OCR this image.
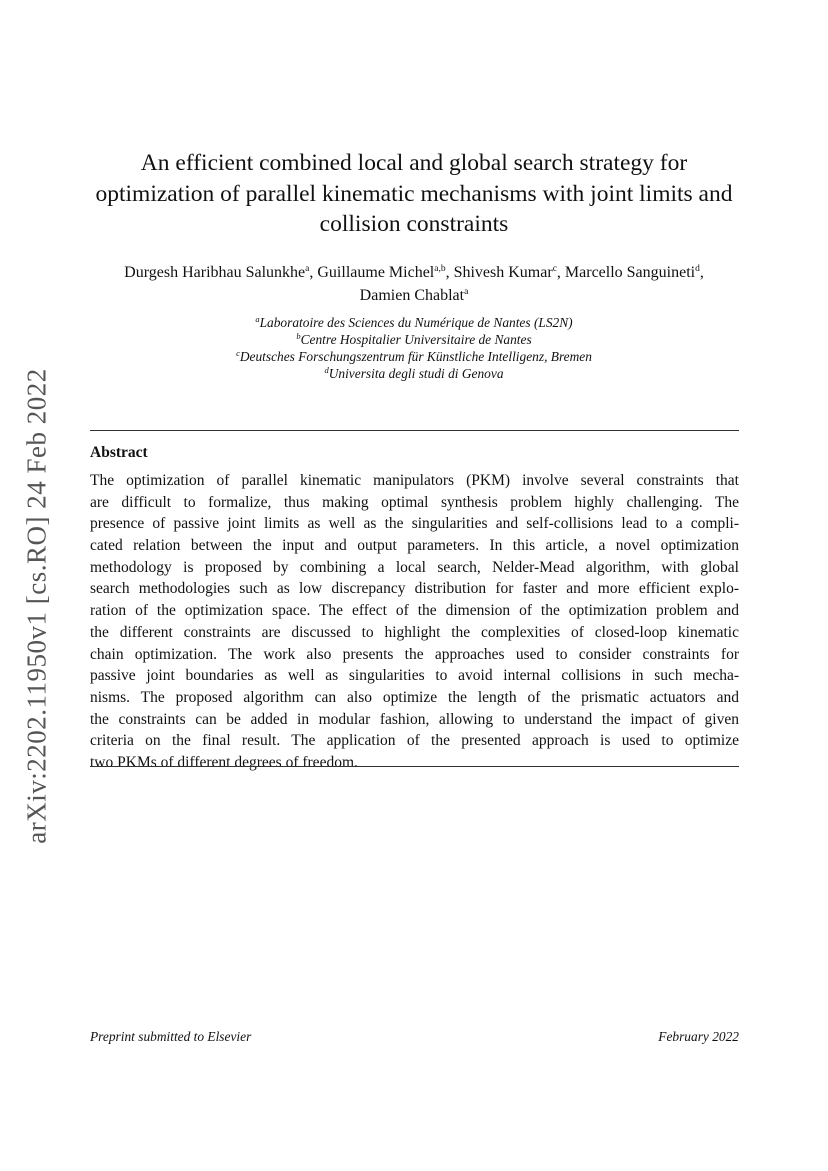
arXiv:2202.11950v1 [cs.RO] 24 Feb 2022
An efficient combined local and global search strategy for
optimization of parallel kinematic mechanisms with joint limits and
collision constraints
Durgesh Haribhau Salunkhe$^a$, Guillaume Michel$^{a,b}$, Shivesh Kumar$^c$, Marcello Sanguineti$^d$,
Damien Chablat$^a$
$^a$Laboratoire des Sciences du Numérique de Nantes (LS2N)
$^b$Centre Hospitalier Universitaire de Nantes
$^c$Deutsches Forschungszentrum für Künstliche Intelligenz, Bremen
$^d$Universita degli studi di Genova
Abstract
The optimization of parallel kinematic manipulators (PKM) involve several constraints that
are difficult to formalize, thus making optimal synthesis problem highly challenging. The
presence of passive joint limits as well as the singularities and self-collisions lead to a compli-
cated relation between the input and output parameters. In this article, a novel optimization
methodology is proposed by combining a local search, Nelder-Mead algorithm, with global
search methodologies such as low discrepancy distribution for faster and more efficient explo-
ration of the optimization space. The effect of the dimension of the optimization problem and
the different constraints are discussed to highlight the complexities of closed-loop kinematic
chain optimization. The work also presents the approaches used to consider constraints for
passive joint boundaries as well as singularities to avoid internal collisions in such mecha-
nisms. The proposed algorithm can also optimize the length of the prismatic actuators and
the constraints can be added in modular fashion, allowing to understand the impact of given
criteria on the final result. The application of the presented approach is used to optimize
two PKMs of different degrees of freedom.
Preprint submitted to Elsevier	February 2022
